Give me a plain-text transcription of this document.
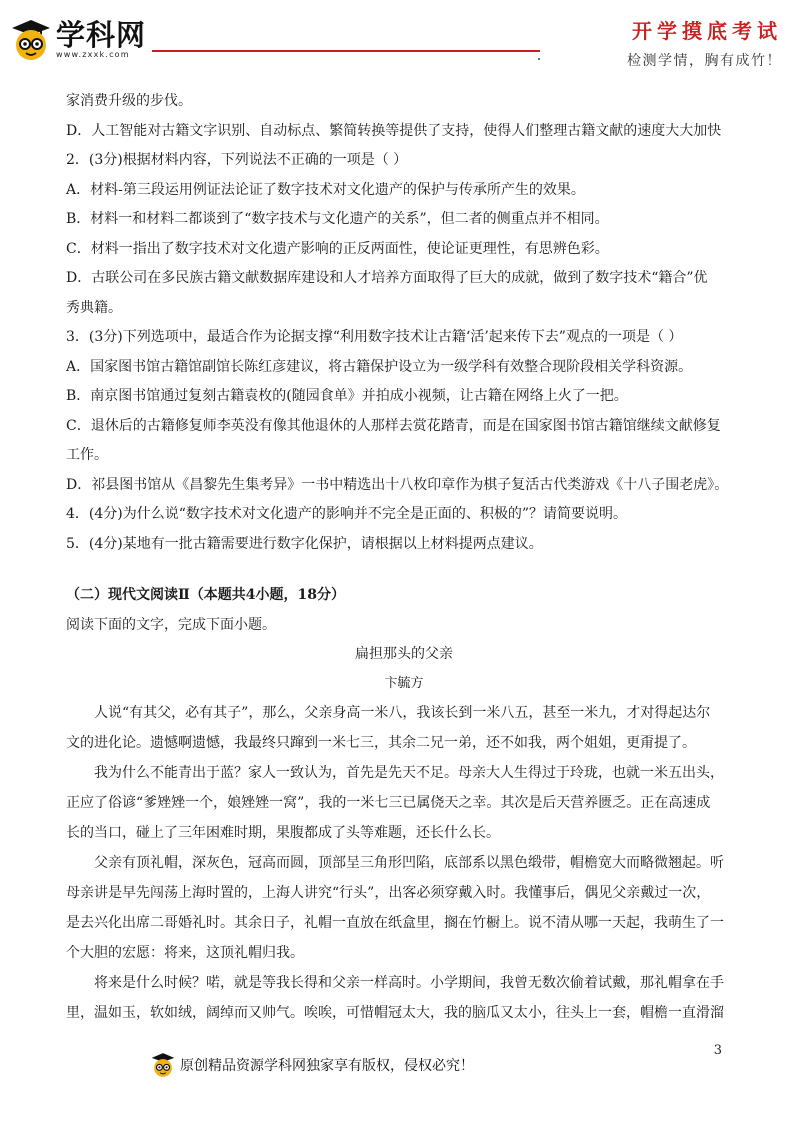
学科网
www.zxxk.com
开学摸底考试
检测学情，胸有成竹！
家消费升级的步伐。
D．人工智能对古籍文字识别、自动标点、繁简转换等提供了支持，使得人们整理古籍文献的速度大大加快
2．(3分)根据材料内容，下列说法不正确的一项是（ ）
A．材料-第三段运用例证法论证了数字技术对文化遗产的保护与传承所产生的效果。
B．材料一和材料二都谈到了“数字技术与文化遗产的关系”，但二者的侧重点并不相同。
C．材料一指出了数字技术对文化遗产影响的正反两面性，使论证更理性，有思辨色彩。
D．古联公司在多民族古籍文献数据库建设和人才培养方面取得了巨大的成就，做到了数字技术“籍合”优
秀典籍。
3．(3分)下列选项中，最适合作为论据支撑“利用数字技术让古籍‘活’起来传下去”观点的一项是（ ）
A．国家图书馆古籍馆副馆长陈红彦建议，将古籍保护设立为一级学科有效整合现阶段相关学科资源。
B．南京图书馆通过复刻古籍袁枚的(随园食单》并拍成小视频，让古籍在网络上火了一把。
C．退休后的古籍修复师李英没有像其他退休的人那样去赏花踏青，而是在国家图书馆古籍馆继续文献修复
工作。
D．祁县图书馆从《昌黎先生集考异》一书中精选出十八枚印章作为棋子复活古代类游戏《十八子围老虎》。
4．(4分)为什么说“数字技术对文化遗产的影响并不完全是正面的、积极的”？请简要说明。
5．(4分)某地有一批古籍需要进行数字化保护，请根据以上材料提两点建议。
（二）现代文阅读Ⅱ（本题共4小题，18分）
阅读下面的文字，完成下面小题。
扁担那头的父亲
卞毓方
人说“有其父，必有其子”，那么，父亲身高一米八，我该长到一米八五，甚至一米九，才对得起达尔
文的进化论。遗憾啊遗憾，我最终只蹿到一米七三，其余二兄一弟，还不如我，两个姐姐，更甭提了。
我为什么不能青出于蓝？家人一致认为，首先是先天不足。母亲大人生得过于玲珑，也就一米五出头，
正应了俗谚“爹矬矬一个，娘矬矬一窝”，我的一米七三已属侥天之幸。其次是后天营养匮乏。正在高速成
长的当口，碰上了三年困难时期，果腹都成了头等难题，还长什么长。
父亲有顶礼帽，深灰色，冠高而圆，顶部呈三角形凹陷，底部系以黑色缎带，帽檐宽大而略微翘起。听
母亲讲是早先闯荡上海时置的，上海人讲究“行头”，出客必须穿戴入时。我懂事后，偶见父亲戴过一次，
是去兴化出席二哥婚礼时。其余日子，礼帽一直放在纸盒里，搁在竹橱上。说不清从哪一天起，我萌生了一
个大胆的宏愿：将来，这顶礼帽归我。
将来是什么时候？喏，就是等我长得和父亲一样高时。小学期间，我曾无数次偷着试戴，那礼帽拿在手
里，温如玉，软如绒，阔绰而又帅气。唉唉，可惜帽冠太大，我的脑瓜又太小，往头上一套，帽檐一直滑溜
3
原创精品资源学科网独家享有版权，侵权必究！
